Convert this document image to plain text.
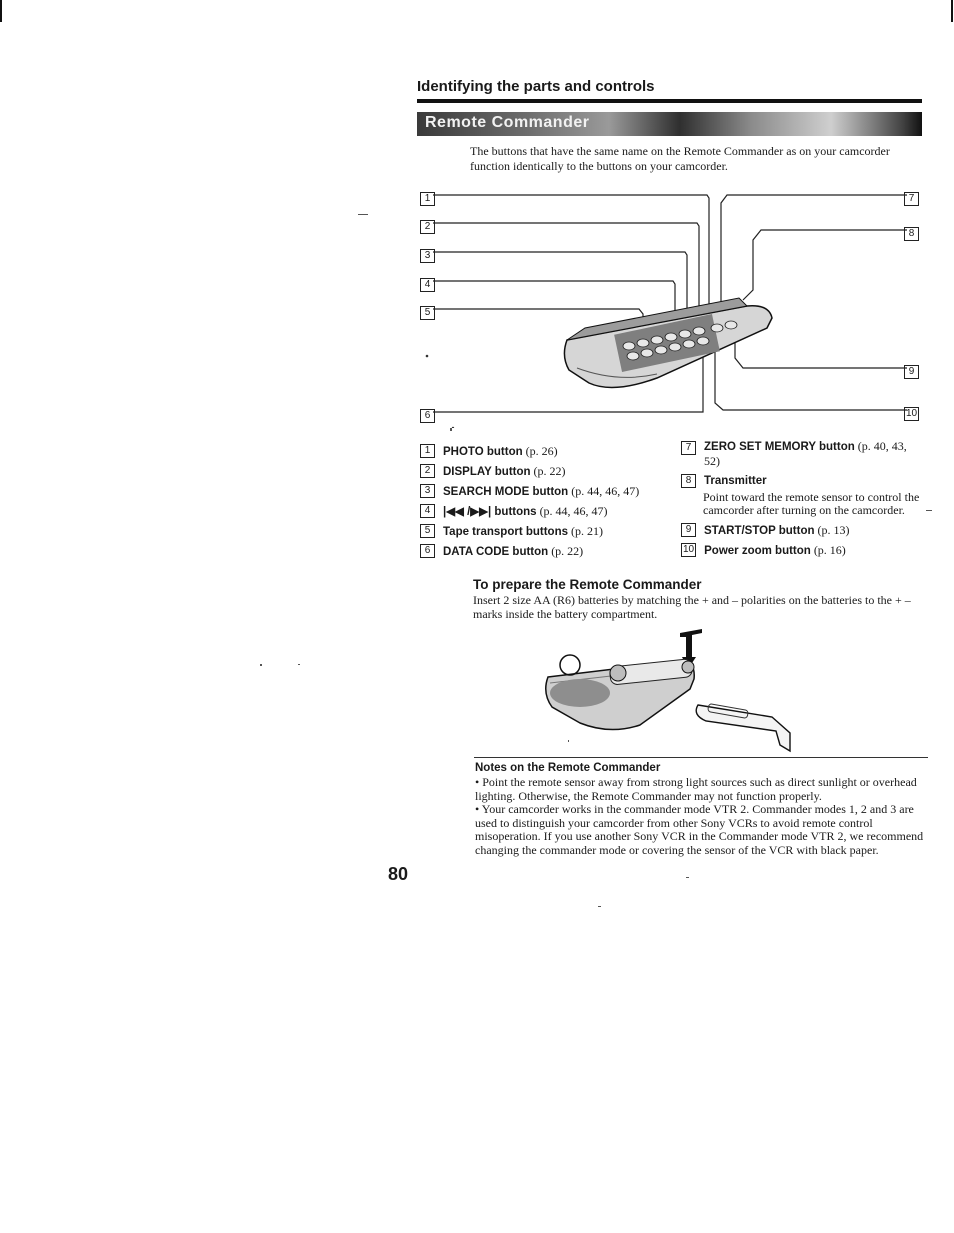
Identifying the parts and controls
Remote Commander
The buttons that have the same name on the Remote Commander as on your camcorder function identically to the buttons on your camcorder.
1
2
3
4
5
6
7
8
9
10
1	PHOTO button (p. 26)
2	DISPLAY button (p. 22)
3	SEARCH MODE button (p. 44, 46, 47)
4	|◀◀ /▶▶| buttons (p. 44, 46, 47)
5	Tape transport buttons (p. 21)
6	DATA CODE button (p. 22)
7	ZERO SET MEMORY button (p. 40, 43, 52)
8	Transmitter
Point toward the remote sensor to control the camcorder after turning on the camcorder.
9	START/STOP button (p. 13)
10 Power zoom button (p. 16)
To prepare the Remote Commander
Insert 2 size AA (R6) batteries by matching the + and – polarities on the batteries to the + – marks inside the battery compartment.
Notes on the Remote Commander

• Point the remote sensor away from strong light sources such as direct sunlight or overhead lighting. Otherwise, the Remote Commander may not function properly.

• Your camcorder works in the commander mode VTR 2. Commander modes 1, 2 and 3 are used to distinguish your camcorder from other Sony VCRs to avoid remote control misoperation. If you use another Sony VCR in the Commander mode VTR 2, we recommend changing the commander mode or covering the sensor of the VCR with black paper.

80
